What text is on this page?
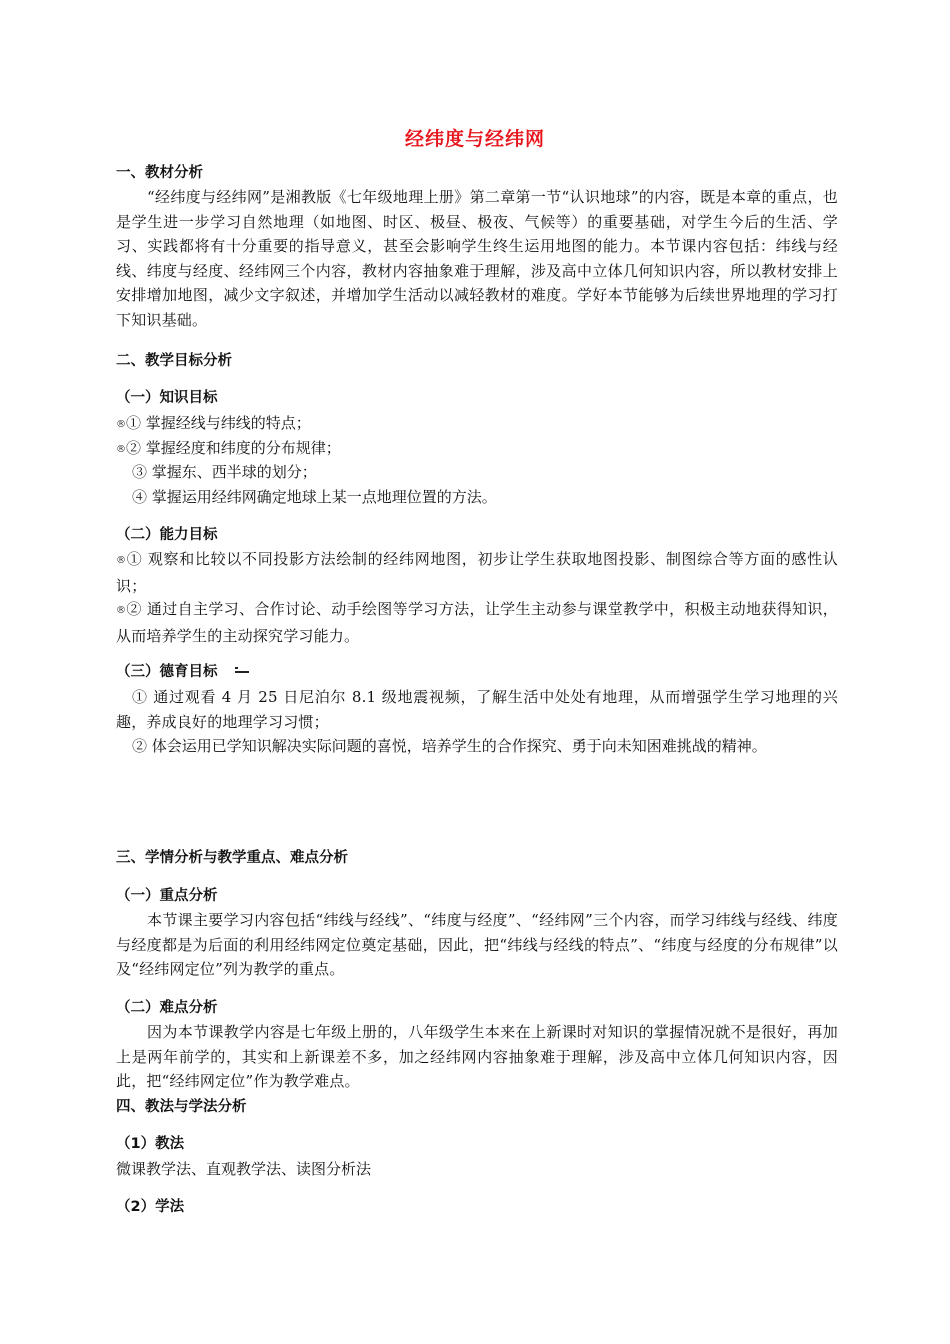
经纬度与经纬网
一、教材分析
“经纬度与经纬网”是湘教版《七年级地理上册》第二章第一节“认识地球”的内容，既是本章的重点，也是学生进一步学习自然地理（如地图、时区、极昼、极夜、气候等）的重要基础，对学生今后的生活、学习、实践都将有十分重要的指导意义，甚至会影响学生终生运用地图的能力。本节课内容包括：纬线与经线、纬度与经度、经纬网三个内容，教材内容抽象难于理解，涉及高中立体几何知识内容，所以教材安排上安排增加地图，减少文字叙述，并增加学生活动以减轻教材的难度。学好本节能够为后续世界地理的学习打下知识基础。
二、教学目标分析
（一）知识目标
®① 掌握经线与纬线的特点；
®② 掌握经度和纬度的分布规律；
③ 掌握东、西半球的划分；
④ 掌握运用经纬网确定地球上某一点地理位置的方法。
（二）能力目标
®① 观察和比较以不同投影方法绘制的经纬网地图，初步让学生获取地图投影、制图综合等方面的感性认识；
®② 通过自主学习、合作讨论、动手绘图等学习方法，让学生主动参与课堂教学中，积极主动地获得知识，从而培养学生的主动探究学习能力。
（三）德育目标
① 通过观看 4 月 25 日尼泊尔 8.1 级地震视频，了解生活中处处有地理，从而增强学生学习地理的兴趣，养成良好的地理学习习惯；
② 体会运用已学知识解决实际问题的喜悦，培养学生的合作探究、勇于向未知困难挑战的精神。
三、学情分析与教学重点、难点分析
（一）重点分析
本节课主要学习内容包括“纬线与经线”、“纬度与经度”、“经纬网”三个内容，而学习纬线与经线、纬度与经度都是为后面的利用经纬网定位奠定基础，因此，把“纬线与经线的特点”、“纬度与经度的分布规律”以及“经纬网定位”列为教学的重点。
（二）难点分析
因为本节课教学内容是七年级上册的，八年级学生本来在上新课时对知识的掌握情况就不是很好，再加上是两年前学的，其实和上新课差不多，加之经纬网内容抽象难于理解，涉及高中立体几何知识内容，因此，把“经纬网定位”作为教学难点。
四、教法与学法分析
（1）教法
微课教学法、直观教学法、读图分析法
（2）学法
